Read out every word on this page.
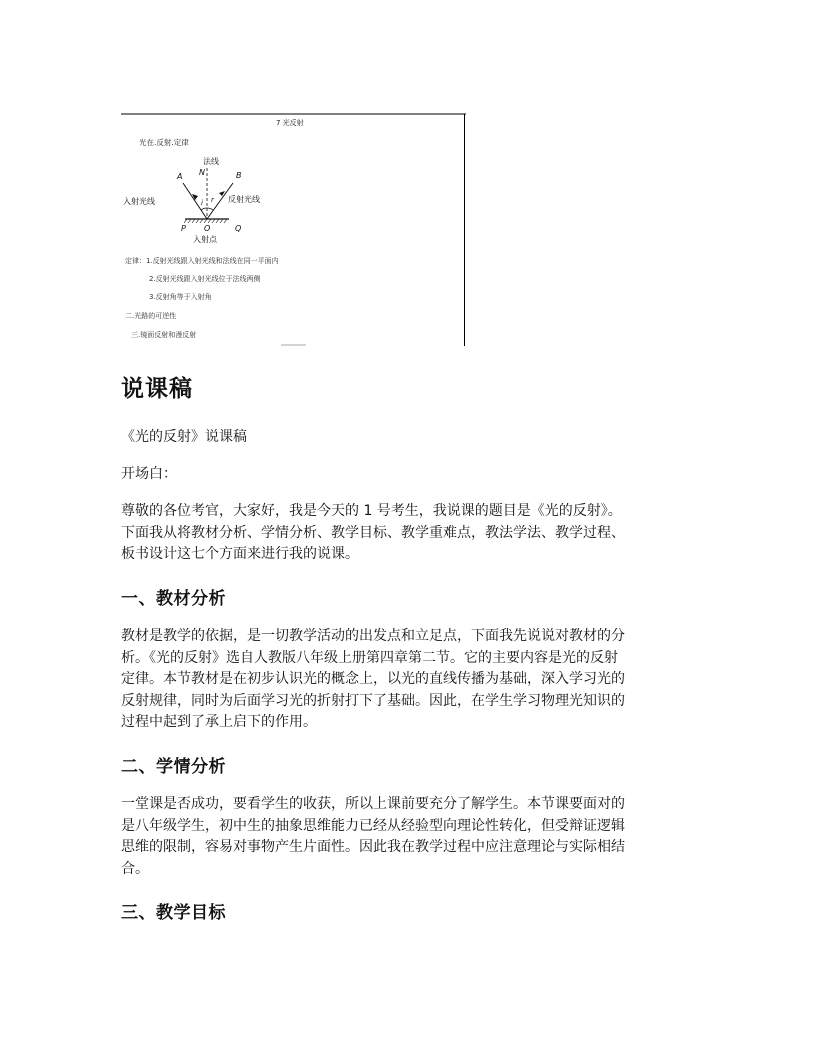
7 光反射
光在.反射.定律
法线
A N	B
i r
入射光线	反射光线
P O	Q
入射点
定律：1.反射光线跟入射光线和法线在同一平面内
2.反射光线跟入射光线位于法线两侧
3.反射角等于入射角
二.光路的可逆性
三.镜面反射和漫反射
说课稿
《光的反射》说课稿
开场白：
尊敬的各位考官，大家好，我是今天的 1 号考生，我说课的题目是《光的反射》。
下面我从将教材分析、学情分析、教学目标、教学重难点，教法学法、教学过程、
板书设计这七个方面来进行我的说课。
一、教材分析
教材是教学的依据，是一切教学活动的出发点和立足点，下面我先说说对教材的分
析。《光的反射》选自人教版八年级上册第四章第二节。它的主要内容是光的反射
定律。本节教材是在初步认识光的概念上，以光的直线传播为基础，深入学习光的
反射规律，同时为后面学习光的折射打下了基础。因此，在学生学习物理光知识的
过程中起到了承上启下的作用。
二、学情分析
一堂课是否成功，要看学生的收获，所以上课前要充分了解学生。本节课要面对的
是八年级学生，初中生的抽象思维能力已经从经验型向理论性转化，但受辩证逻辑
思维的限制，容易对事物产生片面性。因此我在教学过程中应注意理论与实际相结
合。
三、教学目标
